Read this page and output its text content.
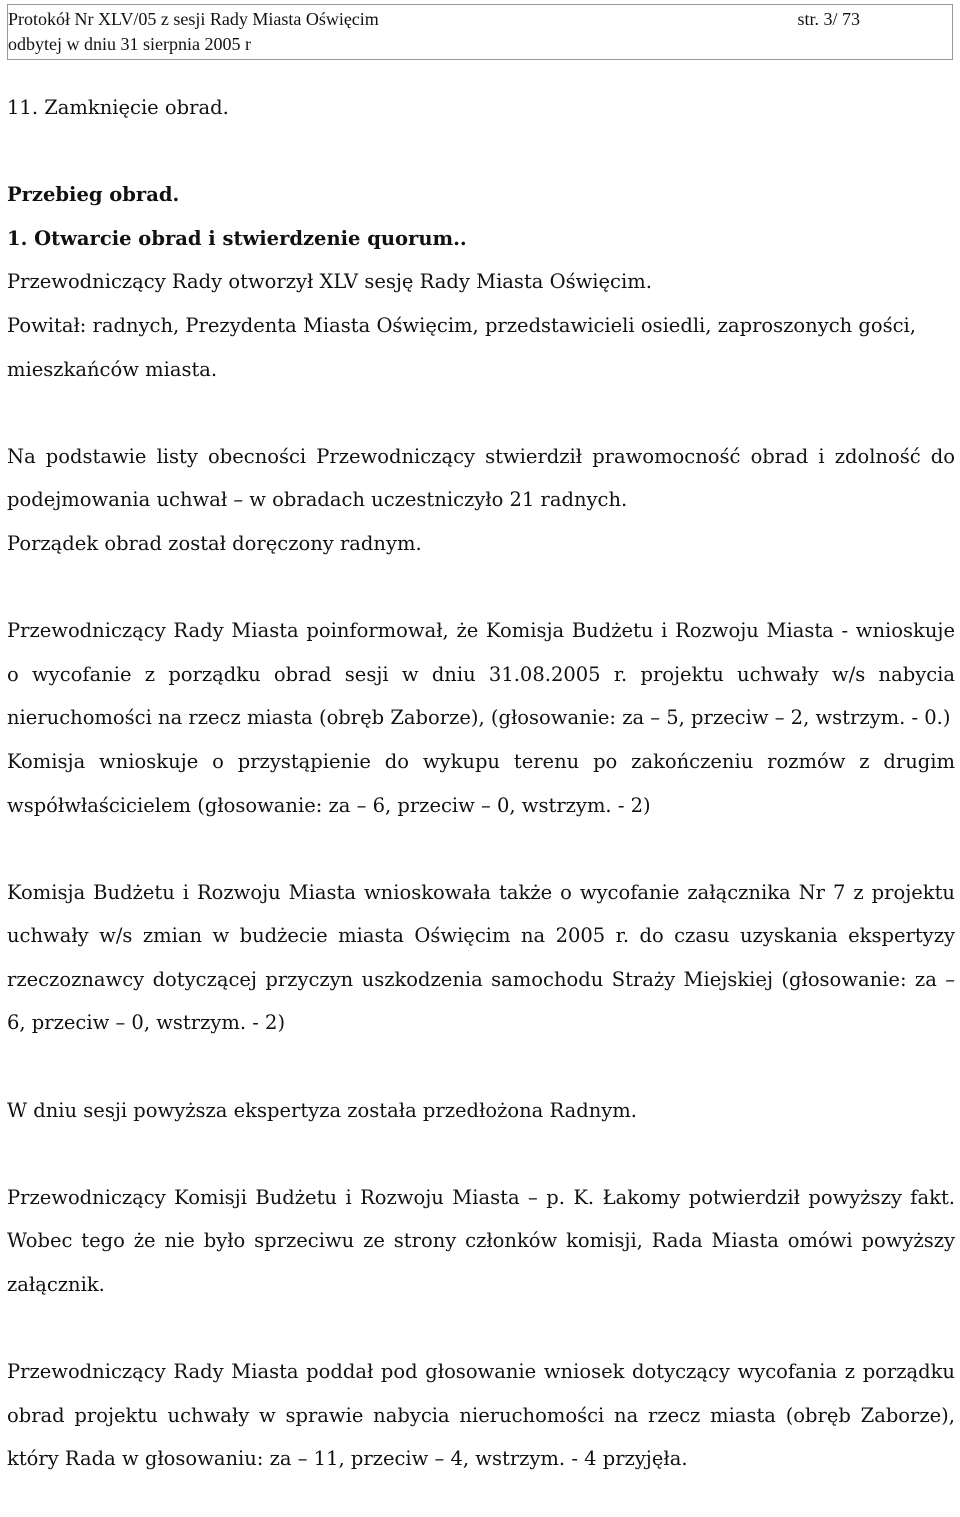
Protokół Nr XLV/05 z sesji Rady Miasta Oświęcim
odbytej w dniu 31 sierpnia 2005 r
str. 3/ 73

11. Zamknięcie obrad.

Przebieg obrad.

1. Otwarcie obrad i stwierdzenie quorum..

Przewodniczący Rady otworzył XLV sesję Rady Miasta Oświęcim.

Powitał: radnych, Prezydenta Miasta Oświęcim, przedstawicieli osiedli, zaproszonych gości, mieszkańców miasta.

Na podstawie listy obecności Przewodniczący stwierdził prawomocność obrad i zdolność do podejmowania uchwał – w obradach uczestniczyło 21 radnych.

Porządek obrad został doręczony radnym.

Przewodniczący Rady Miasta poinformował, że Komisja Budżetu i Rozwoju Miasta - wnioskuje o wycofanie z porządku obrad sesji w dniu 31.08.2005 r. projektu uchwały w/s nabycia nieruchomości na rzecz miasta (obręb Zaborze), (głosowanie: za – 5, przeciw – 2, wstrzym. - 0.)

Komisja wnioskuje o przystąpienie do wykupu terenu po zakończeniu rozmów z drugim współwłaścicielem (głosowanie: za – 6, przeciw – 0, wstrzym. - 2)

Komisja Budżetu i Rozwoju Miasta wnioskowała także o wycofanie załącznika Nr 7 z projektu uchwały w/s zmian w budżecie miasta Oświęcim na 2005 r. do czasu uzyskania ekspertyzy rzeczoznawcy dotyczącej przyczyn uszkodzenia samochodu Straży Miejskiej (głosowanie: za – 6, przeciw – 0, wstrzym. - 2)

W dniu sesji powyższa ekspertyza została przedłożona Radnym.

Przewodniczący Komisji Budżetu i Rozwoju Miasta – p. K. Łakomy potwierdził powyższy fakt. Wobec tego że nie było sprzeciwu ze strony członków komisji, Rada Miasta omówi powyższy załącznik.

Przewodniczący Rady Miasta poddał pod głosowanie wniosek dotyczący wycofania z porządku obrad projektu uchwały w sprawie nabycia nieruchomości na rzecz miasta (obręb Zaborze), który Rada w głosowaniu: za – 11, przeciw – 4, wstrzym. - 4 przyjęła.
